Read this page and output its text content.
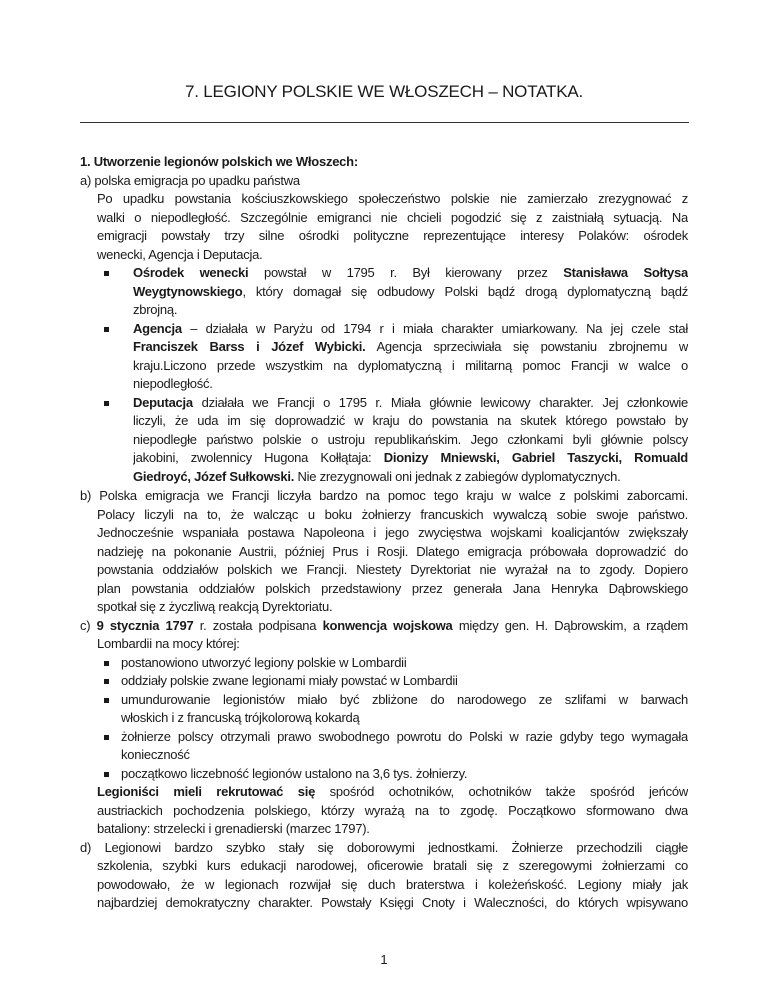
7. LEGIONY POLSKIE WE WŁOSZECH – NOTATKA.
1. Utworzenie legionów polskich we Włoszech:
a) polska emigracja po upadku państwa
Po upadku powstania kościuszkowskiego społeczeństwo polskie nie zamierzało zrezygnować z
walki o niepodległość. Szczególnie emigranci nie chcieli pogodzić się z zaistniałą sytuacją. Na
emigracji powstały trzy silne ośrodki polityczne reprezentujące interesy Polaków: ośrodek
wenecki, Agencja i Deputacja.
Ośrodek wenecki powstał w 1795 r. Był kierowany przez Stanisława Sołtysa
Weygtynowskiego, który domagał się odbudowy Polski bądź drogą dyplomatyczną bądź
zbrojną.
Agencja – działała w Paryżu od 1794 r i miała charakter umiarkowany. Na jej czele stał
Franciszek Barss i Józef Wybicki. Agencja sprzeciwiała się powstaniu zbrojnemu w
kraju.Liczono przede wszystkim na dyplomatyczną i militarną pomoc Francji w walce o
niepodległość.
Deputacja działała we Francji o 1795 r. Miała głównie lewicowy charakter. Jej członkowie
liczyli, że uda im się doprowadzić w kraju do powstania na skutek którego powstało by
niepodległe państwo polskie o ustroju republikańskim. Jego członkami byli głównie polscy
jakobini, zwolennicy Hugona Kołłątaja: Dionizy Mniewski, Gabriel Taszycki, Romuald
Giedroyć, Józef Sułkowski. Nie zrezygnowali oni jednak z zabiegów dyplomatycznych.
b) Polska emigracja we Francji liczyła bardzo na pomoc tego kraju w walce z polskimi zaborcami.
Polacy liczyli na to, że walcząc u boku żołnierzy francuskich wywalczą sobie swoje państwo.
Jednocześnie wspaniała postawa Napoleona i jego zwycięstwa wojskami koalicjantów zwiększały
nadzieję na pokonanie Austrii, później Prus i Rosji. Dlatego emigracja próbowała doprowadzić do
powstania oddziałów polskich we Francji. Niestety Dyrektoriat nie wyrażał na to zgody. Dopiero
plan powstania oddziałów polskich przedstawiony przez generała Jana Henryka Dąbrowskiego
spotkał się z życzliwą reakcją Dyrektoriatu.
c) 9 stycznia 1797 r. została podpisana konwencja wojskowa między gen. H. Dąbrowskim, a rządem
Lombardii na mocy której:
postanowiono utworzyć legiony polskie w Lombardii
oddziały polskie zwane legionami miały powstać w Lombardii
umundurowanie legionistów miało być zbliżone do narodowego ze szlifami w barwach
włoskich i z francuską trójkolorową kokardą
żołnierze polscy otrzymali prawo swobodnego powrotu do Polski w razie gdyby tego wymagała
konieczność
początkowo liczebność legionów ustalono na 3,6 tys. żołnierzy.
Legioniści mieli rekrutować się spośród ochotników, ochotników także spośród jeńców
austriackich pochodzenia polskiego, którzy wyrażą na to zgodę. Początkowo sformowano dwa
bataliony: strzelecki i grenadierski (marzec 1797).
d) Legionowi bardzo szybko stały się doborowymi jednostkami. Żołnierze przechodzili ciągłe
szkolenia, szybki kurs edukacji narodowej, oficerowie bratali się z szeregowymi żołnierzami co
powodowało, że w legionach rozwijał się duch braterstwa i koleżeńskość. Legiony miały jak
najbardziej demokratyczny charakter. Powstały Księgi Cnoty i Waleczności, do których wpisywano
1
